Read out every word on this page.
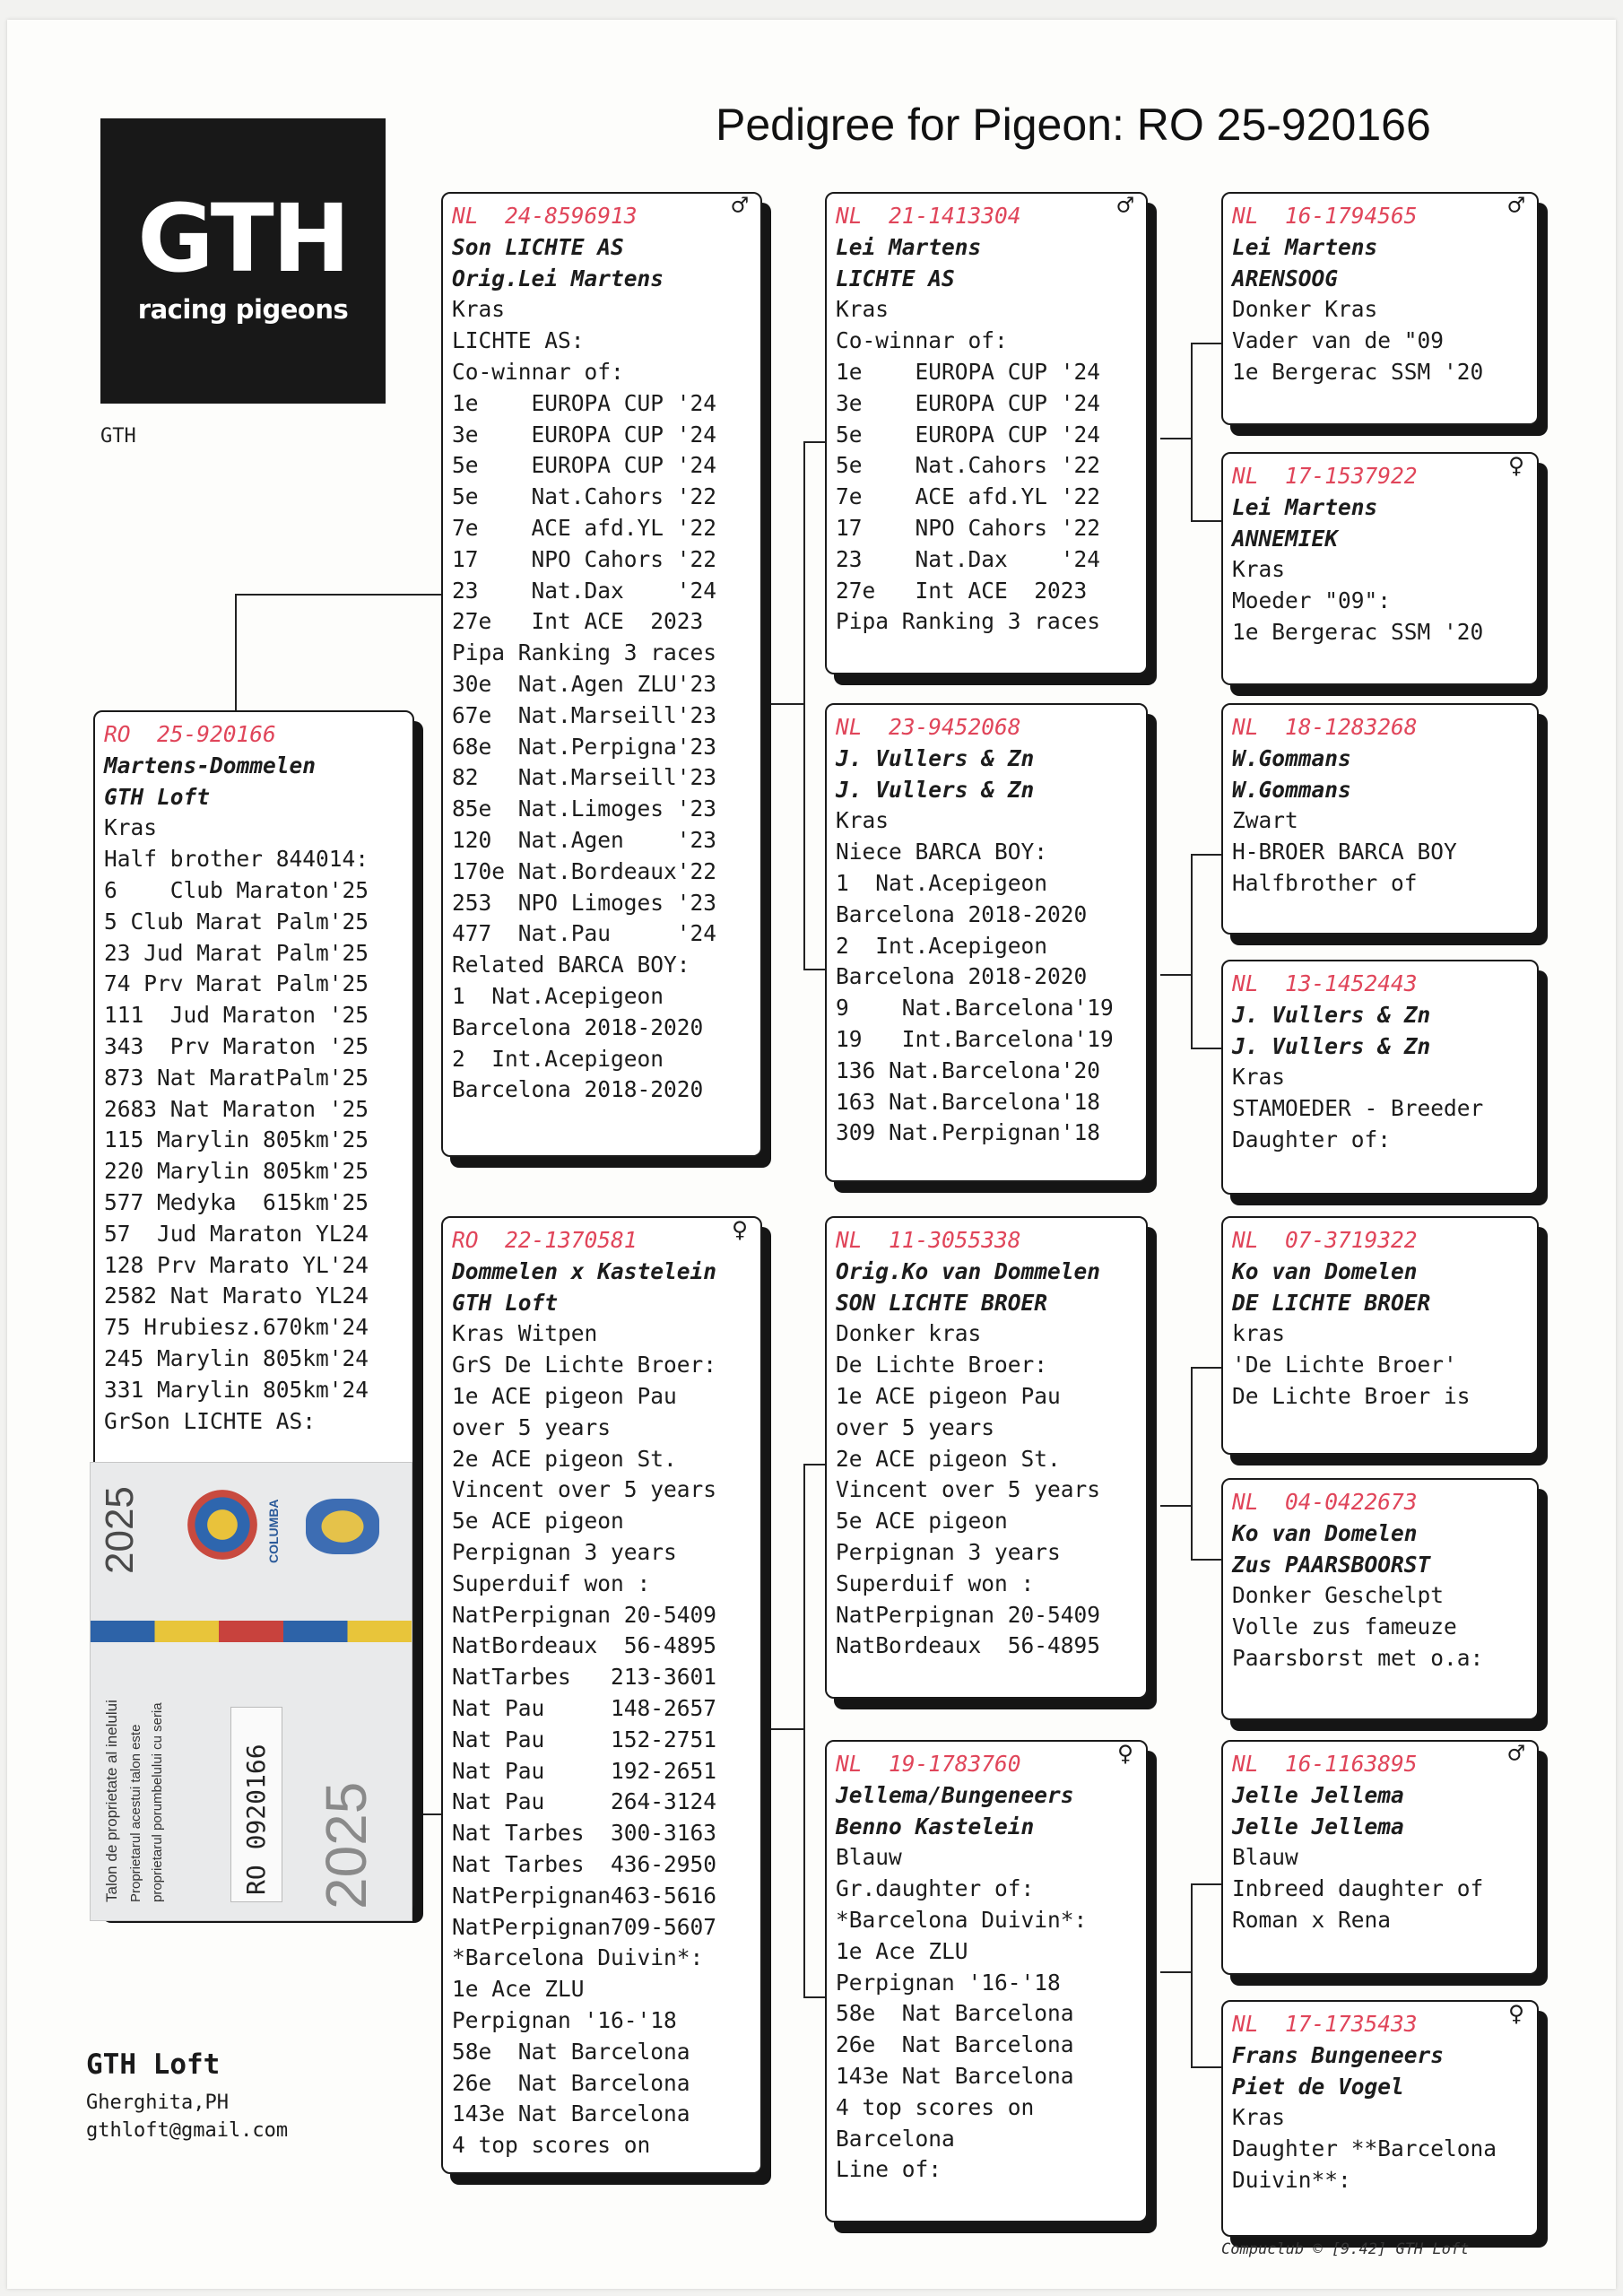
GTH
racing pigeons
GTH
Pedigree for Pigeon: RO 25-920166
RO  25-920166
Martens-Dommelen
GTH Loft
Kras
Half brother 844014:
6    Club Maraton'25
5 Club Marat Palm'25
23 Jud Marat Palm'25
74 Prv Marat Palm'25
111  Jud Maraton '25
343  Prv Maraton '25
873 Nat MaratPalm'25
2683 Nat Maraton '25
115 Marylin 805km'25
220 Marylin 805km'25
577 Medyka  615km'25
57  Jud Maraton YL24
128 Prv Marato YL'24
2582 Nat Marato YL24
75 Hrubiesz.670km'24
245 Marylin 805km'24
331 Marylin 805km'24
GrSon LICHTE AS:
NL  24-8596913	♂
Son LICHTE AS
Orig.Lei Martens
Kras
LICHTE AS:
Co-winnar of:
1e    EUROPA CUP '24
3e    EUROPA CUP '24
5e    EUROPA CUP '24
5e    Nat.Cahors '22
7e    ACE afd.YL '22
17    NPO Cahors '22
23    Nat.Dax    '24
27e   Int ACE  2023
Pipa Ranking 3 races
30e  Nat.Agen ZLU'23
67e  Nat.Marseill'23
68e  Nat.Perpigna'23
82   Nat.Marseill'23
85e  Nat.Limoges '23
120  Nat.Agen    '23
170e Nat.Bordeaux'22
253  NPO Limoges '23
477  Nat.Pau     '24
Related BARCA BOY:
1  Nat.Acepigeon
Barcelona 2018-2020
2  Int.Acepigeon
Barcelona 2018-2020
RO  22-1370581	♀
Dommelen x Kastelein
GTH Loft
Kras Witpen
GrS De Lichte Broer:
1e ACE pigeon Pau
over 5 years
2e ACE pigeon St.
Vincent over 5 years
5e ACE pigeon
Perpignan 3 years
Superduif won :
NatPerpignan 20-5409
NatBordeaux  56-4895
NatTarbes   213-3601
Nat Pau     148-2657
Nat Pau     152-2751
Nat Pau     192-2651
Nat Pau     264-3124
Nat Tarbes  300-3163
Nat Tarbes  436-2950
NatPerpignan463-5616
NatPerpignan709-5607
*Barcelona Duivin*:
1e Ace ZLU
Perpignan '16-'18
58e  Nat Barcelona
26e  Nat Barcelona
143e Nat Barcelona
4 top scores on
NL  21-1413304	♂
Lei Martens
LICHTE AS
Kras
Co-winnar of:
1e    EUROPA CUP '24
3e    EUROPA CUP '24
5e    EUROPA CUP '24
5e    Nat.Cahors '22
7e    ACE afd.YL '22
17    NPO Cahors '22
23    Nat.Dax    '24
27e   Int ACE  2023
Pipa Ranking 3 races
NL  23-9452068
J. Vullers & Zn
J. Vullers & Zn
Kras
Niece BARCA BOY:
1  Nat.Acepigeon
Barcelona 2018-2020
2  Int.Acepigeon
Barcelona 2018-2020
9    Nat.Barcelona'19
19   Int.Barcelona'19
136 Nat.Barcelona'20
163 Nat.Barcelona'18
309 Nat.Perpignan'18
NL  11-3055338
Orig.Ko van Dommelen
SON LICHTE BROER
Donker kras
De Lichte Broer:
1e ACE pigeon Pau
over 5 years
2e ACE pigeon St.
Vincent over 5 years
5e ACE pigeon
Perpignan 3 years
Superduif won :
NatPerpignan 20-5409
NatBordeaux  56-4895
NL  19-1783760	♀
Jellema/Bungeneers
Benno Kastelein
Blauw
Gr.daughter of:
*Barcelona Duivin*:
1e Ace ZLU
Perpignan '16-'18
58e  Nat Barcelona
26e  Nat Barcelona
143e Nat Barcelona
4 top scores on
Barcelona
Line of:
NL  16-1794565	♂
Lei Martens
ARENSOOG
Donker Kras
Vader van de "09
1e Bergerac SSM '20
NL  17-1537922	♀
Lei Martens
ANNEMIEK
Kras
Moeder "09":
1e Bergerac SSM '20
NL  18-1283268
W.Gommans
W.Gommans
Zwart
H-BROER BARCA BOY
Halfbrother of
NL  13-1452443
J. Vullers & Zn
J. Vullers & Zn
Kras
STAMOEDER - Breeder
Daughter of:
NL  07-3719322
Ko van Domelen
DE LICHTE BROER
kras
'De Lichte Broer'
De Lichte Broer is
NL  04-0422673
Ko van Domelen
Zus PAARSBOORST
Donker Geschelpt
Volle zus fameuze
Paarsborst met o.a:
NL  16-1163895	♂
Jelle Jellema
Jelle Jellema
Blauw
Inbreed daughter of
Roman x Rena
NL  17-1735433	♀
Frans Bungeneers
Piet de Vogel
Kras
Daughter **Barcelona
Duivin**:
2025	COLUMBA
Talon de proprietate al inelului Proprietarul acestui talon este proprietarul porumbelului cu seria	RO 0920166 2025
GTH Loft
Gherghita,PH
gthloft@gmail.com
Compuclub © [9.42] GTH Loft
